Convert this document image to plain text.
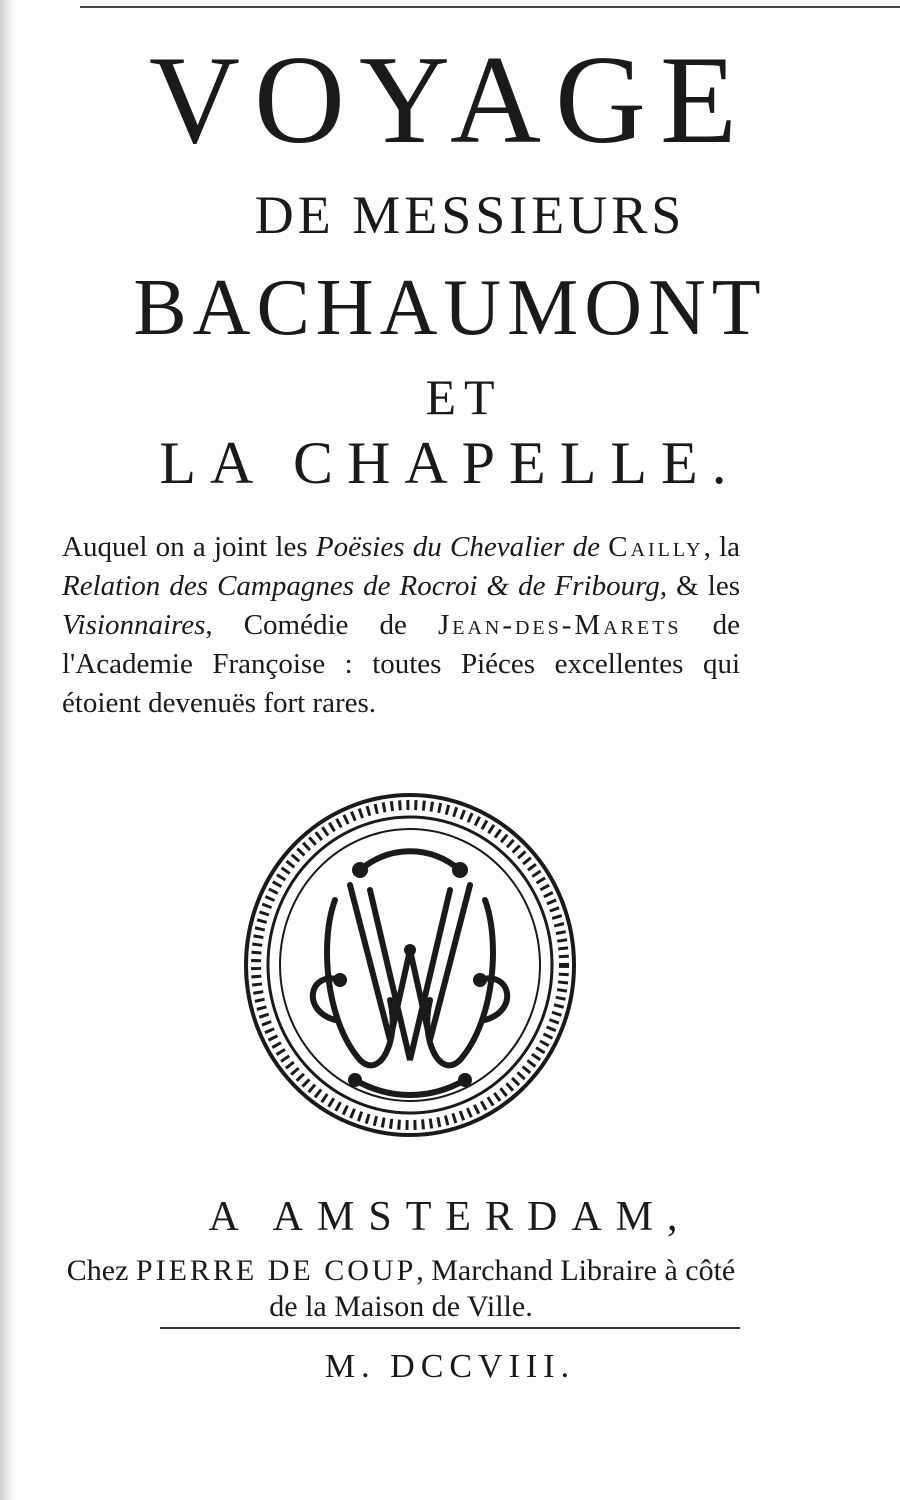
VOYAGE
DE MESSIEURS
BACHAUMONT
ET
LA CHAPELLE.
Auquel on a joint les Poësies du Chevalier de Cailly, la Relation des Campagnes de Rocroi & de Fribourg, & les Visionnaires, Comédie de Jean-des-Marets de l'Academie Françoise : toutes Piéces excellentes qui étoient devenuës fort rares.
A AMSTERDAM,
Chez PIERRE DE COUP, Marchand Libraire à côté de la Maison de Ville.
M. DCCVIII.
